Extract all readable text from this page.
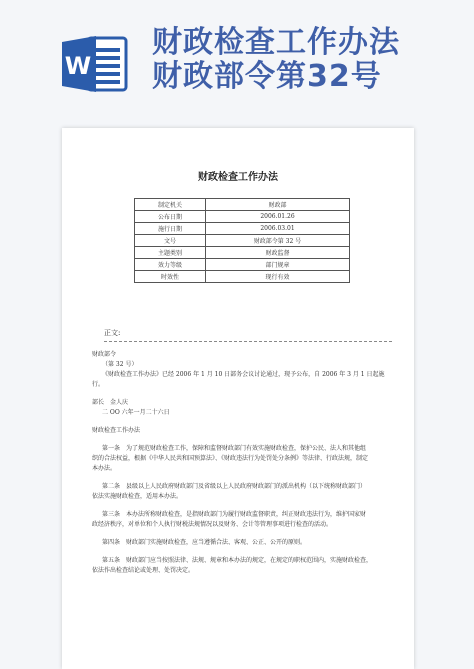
W
财政检查工作办法
财政部令第32号
财政检查工作办法
制定机关	财政部
公布日期	2006.01.26
施行日期	2006.03.01
文号	财政部令第 32 号
主题类别	财政监督
效力等级	部门规章
时效性	现行有效
正文:

财政部令

（第 32 号）

《财政检查工作办法》已经 2006 年 1 月 10 日部务会议讨论通过，现予公布，自 2006 年 3 月 1 日起施

行。

部长　金人庆

二 OO 六年一月二十六日

财政检查工作办法

第一条　为了规范财政检查工作，保障和监督财政部门有效实施财政检查，保护公民、法人和其他组

织的合法权益，根据《中华人民共和国预算法》、《财政违法行为处罚处分条例》等法律、行政法规，制定

本办法。

第二条　县级以上人民政府财政部门及省级以上人民政府财政部门的派出机构（以下统称财政部门）

依法实施财政检查，适用本办法。

第三条　本办法所称财政检查，是指财政部门为履行财政监督职责，纠正财政违法行为，维护国家财

政经济秩序，对单位和个人执行财税法规情况以及财务、会计等管理事项进行检查的活动。

第四条　财政部门实施财政检查，应当遵循合法、客观、公正、公开的原则。

第五条　财政部门应当按照法律、法规、规章和本办法的规定，在规定的职权范围内，实施财政检查，

依法作出检查结论或处理、处罚决定。
